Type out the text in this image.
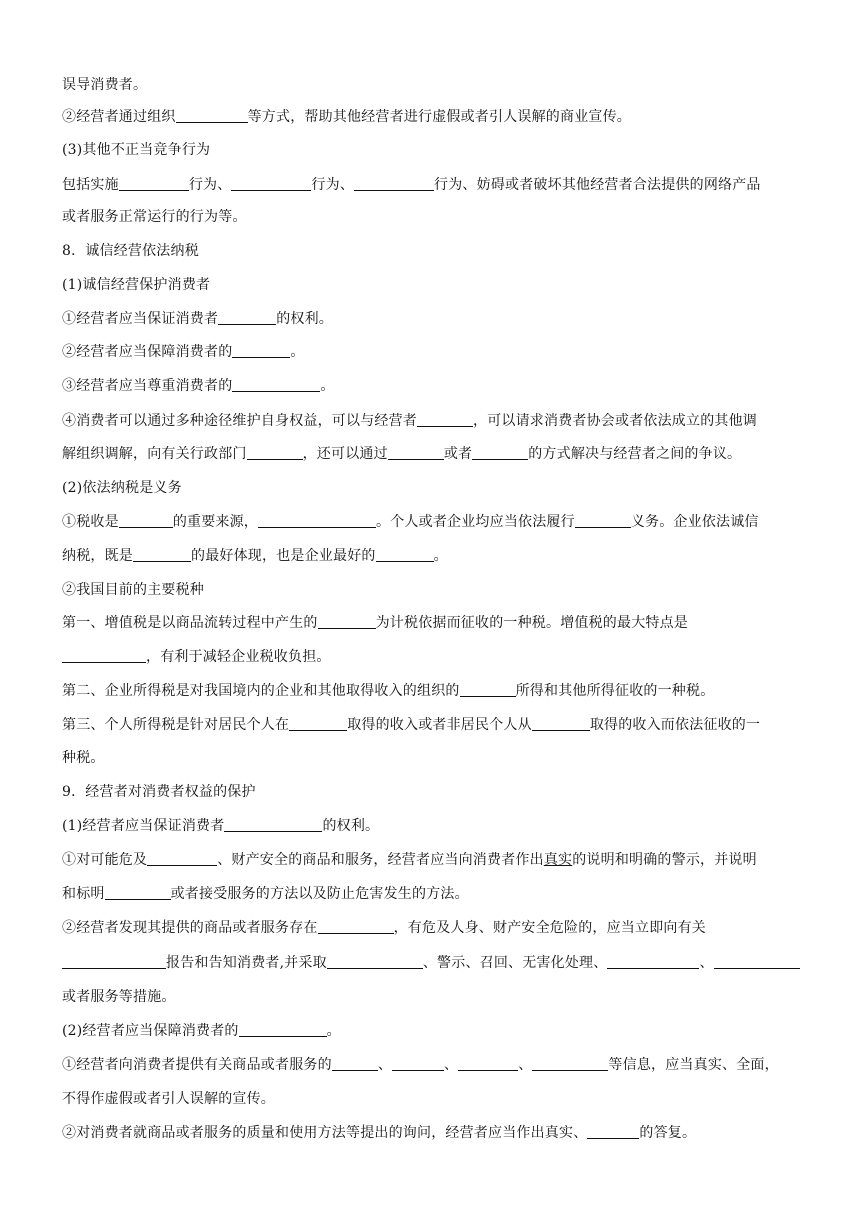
误导消费者。
②经营者通过组织	等方式，帮助其他经营者进行虚假或者引人误解的商业宣传。
(3)其他不正当竞争行为
包括实施	行为、	行为、	行为、妨碍或者破坏其他经营者合法提供的网络产品
或者服务正常运行的行为等。
8．诚信经营依法纳税
(1)诚信经营保护消费者
①经营者应当保证消费者	的权利。
②经营者应当保障消费者的	。
③经营者应当尊重消费者的	。
④消费者可以通过多种途径维护自身权益，可以与经营者	，可以请求消费者协会或者依法成立的其他调
解组织调解，向有关行政部门	，还可以通过	或者	的方式解决与经营者之间的争议。
(2)依法纳税是义务
①税收是	的重要来源，	。个人或者企业均应当依法履行	义务。企业依法诚信
纳税，既是	的最好体现，也是企业最好的	。
②我国目前的主要税种
第一、增值税是以商品流转过程中产生的	为计税依据而征收的一种税。增值税的最大特点是
，有利于减轻企业税收负担。
第二、企业所得税是对我国境内的企业和其他取得收入的组织的	所得和其他所得征收的一种税。
第三、个人所得税是针对居民个人在	取得的收入或者非居民个人从	取得的收入而依法征收的一
种税。
9．经营者对消费者权益的保护
(1)经营者应当保证消费者	的权利。
①对可能危及	、财产安全的商品和服务，经营者应当向消费者作出真实的说明和明确的警示，并说明
和标明	或者接受服务的方法以及防止危害发生的方法。
②经营者发现其提供的商品或者服务存在	，有危及人身、财产安全危险的，应当立即向有关
报告和告知消费者,并采取	、警示、召回、无害化处理、	、
或者服务等措施。
(2)经营者应当保障消费者的	。
①经营者向消费者提供有关商品或者服务的	、	、	、	等信息，应当真实、全面，
不得作虚假或者引人误解的宣传。
②对消费者就商品或者服务的质量和使用方法等提出的询问，经营者应当作出真实、	的答复。
